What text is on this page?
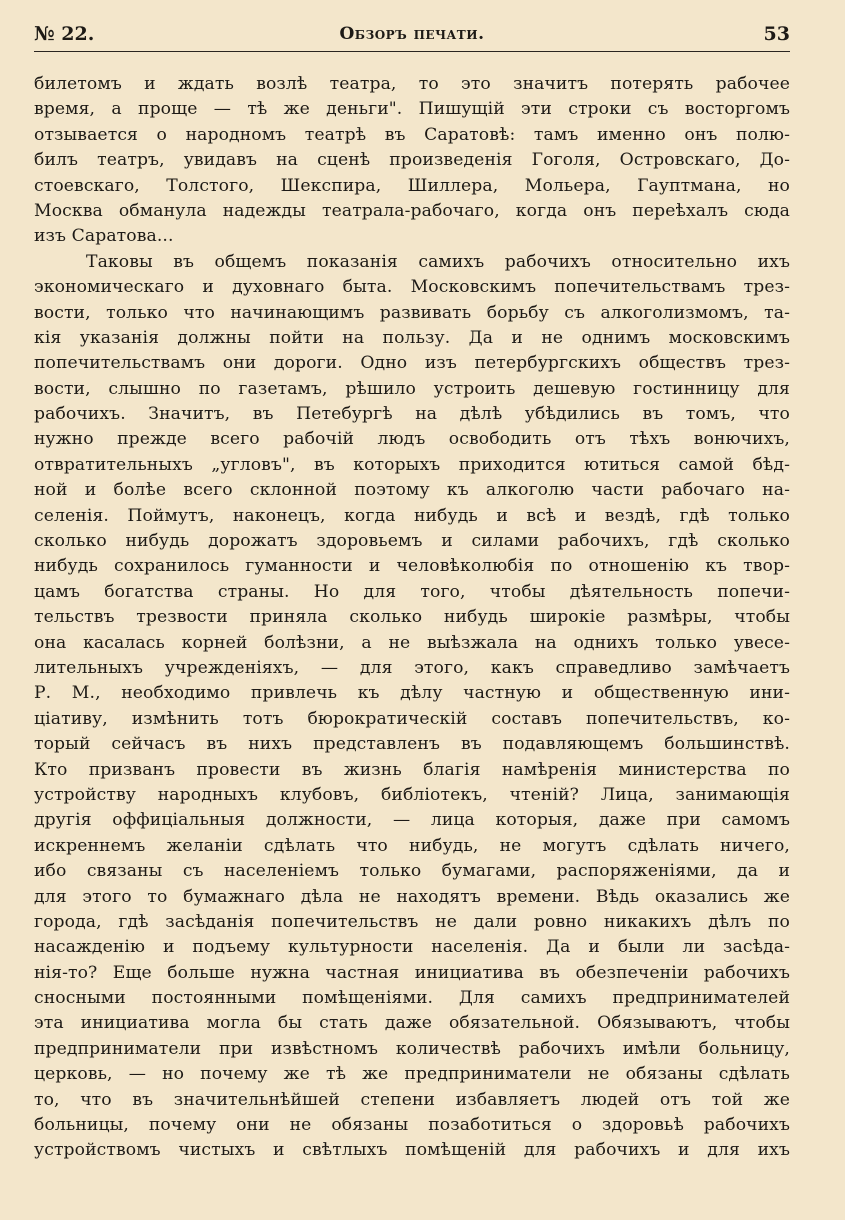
№ 22.	Обзоръ печати.	53
билетомъ и ждать возлѣ театра, то это значитъ потерять рабочее
время, а проще — тѣ же деньги". Пишущій эти строки съ восторгомъ
отзывается о народномъ театрѣ въ Саратовѣ: тамъ именно онъ полю-
билъ театръ, увидавъ на сценѣ произведенія Гоголя, Островскаго, До-
стоевскаго, Толстого, Шекспира, Шиллера, Мольера, Гауптмана, но
Москва обманула надежды театрала-рабочаго, когда онъ переѣхалъ сюда
изъ Саратова...
Таковы въ общемъ показанія самихъ рабочихъ относительно ихъ
экономическаго и духовнаго быта. Московскимъ попечительствамъ трез-
вости, только что начинающимъ развивать борьбу съ алкоголизмомъ, та-
кія указанія должны пойти на пользу. Да и не однимъ московскимъ
попечительствамъ они дороги. Одно изъ петербургскихъ обществъ трез-
вости, слышно по газетамъ, рѣшило устроить дешевую гостинницу для
рабочихъ. Значитъ, въ Петебургѣ на дѣлѣ убѣдились въ томъ, что
нужно прежде всего рабочій людъ освободить отъ тѣхъ вонючихъ,
отвратительныхъ „угловъ", въ которыхъ приходится ютиться самой бѣд-
ной и болѣе всего склонной поэтому къ алкоголю части рабочаго на-
селенія. Поймутъ, наконецъ, когда нибудь и всѣ и вездѣ, гдѣ только
сколько нибудь дорожатъ здоровьемъ и силами рабочихъ, гдѣ сколько
нибудь сохранилось гуманности и человѣколюбія по отношенію къ твор-
цамъ богатства страны. Но для того, чтобы дѣятельность попечи-
тельствъ трезвости приняла сколько нибудь широкіе размѣры, чтобы
она касалась корней болѣзни, а не выѣзжала на однихъ только увесе-
лительныхъ учрежденіяхъ, — для этого, какъ справедливо замѣчаетъ
Р. М., необходимо привлечь къ дѣлу частную и общественную ини-
ціативу, измѣнить тотъ бюрократическій составъ попечительствъ, ко-
торый сейчасъ въ нихъ представленъ въ подавляющемъ большинствѣ.
Кто призванъ провести въ жизнь благія намѣренія министерства по
устройству народныхъ клубовъ, библіотекъ, чтеній? Лица, занимающія
другія оффиціальныя должности, — лица которыя, даже при самомъ
искреннемъ желаніи сдѣлать что нибудь, не могутъ сдѣлать ничего,
ибо связаны съ населеніемъ только бумагами, распоряженіями, да и
для этого то бумажнаго дѣла не находятъ времени. Вѣдь оказались же
города, гдѣ засѣданія попечительствъ не дали ровно никакихъ дѣлъ по
насажденію и подъему культурности населенія. Да и были ли засѣда-
нія-то? Еще больше нужна частная инициатива въ обезпеченіи рабочихъ
сносными постоянными помѣщеніями. Для самихъ предпринимателей
эта инициатива могла бы стать даже обязательной. Обязываютъ, чтобы
предприниматели при извѣстномъ количествѣ рабочихъ имѣли больницу,
церковь, — но почему же тѣ же предприниматели не обязаны сдѣлать
то, что въ значительнѣйшей степени избавляетъ людей отъ той же
больницы, почему они не обязаны позаботиться о здоровьѣ рабочихъ
устройствомъ чистыхъ и свѣтлыхъ помѣщеній для рабочихъ и для ихъ
